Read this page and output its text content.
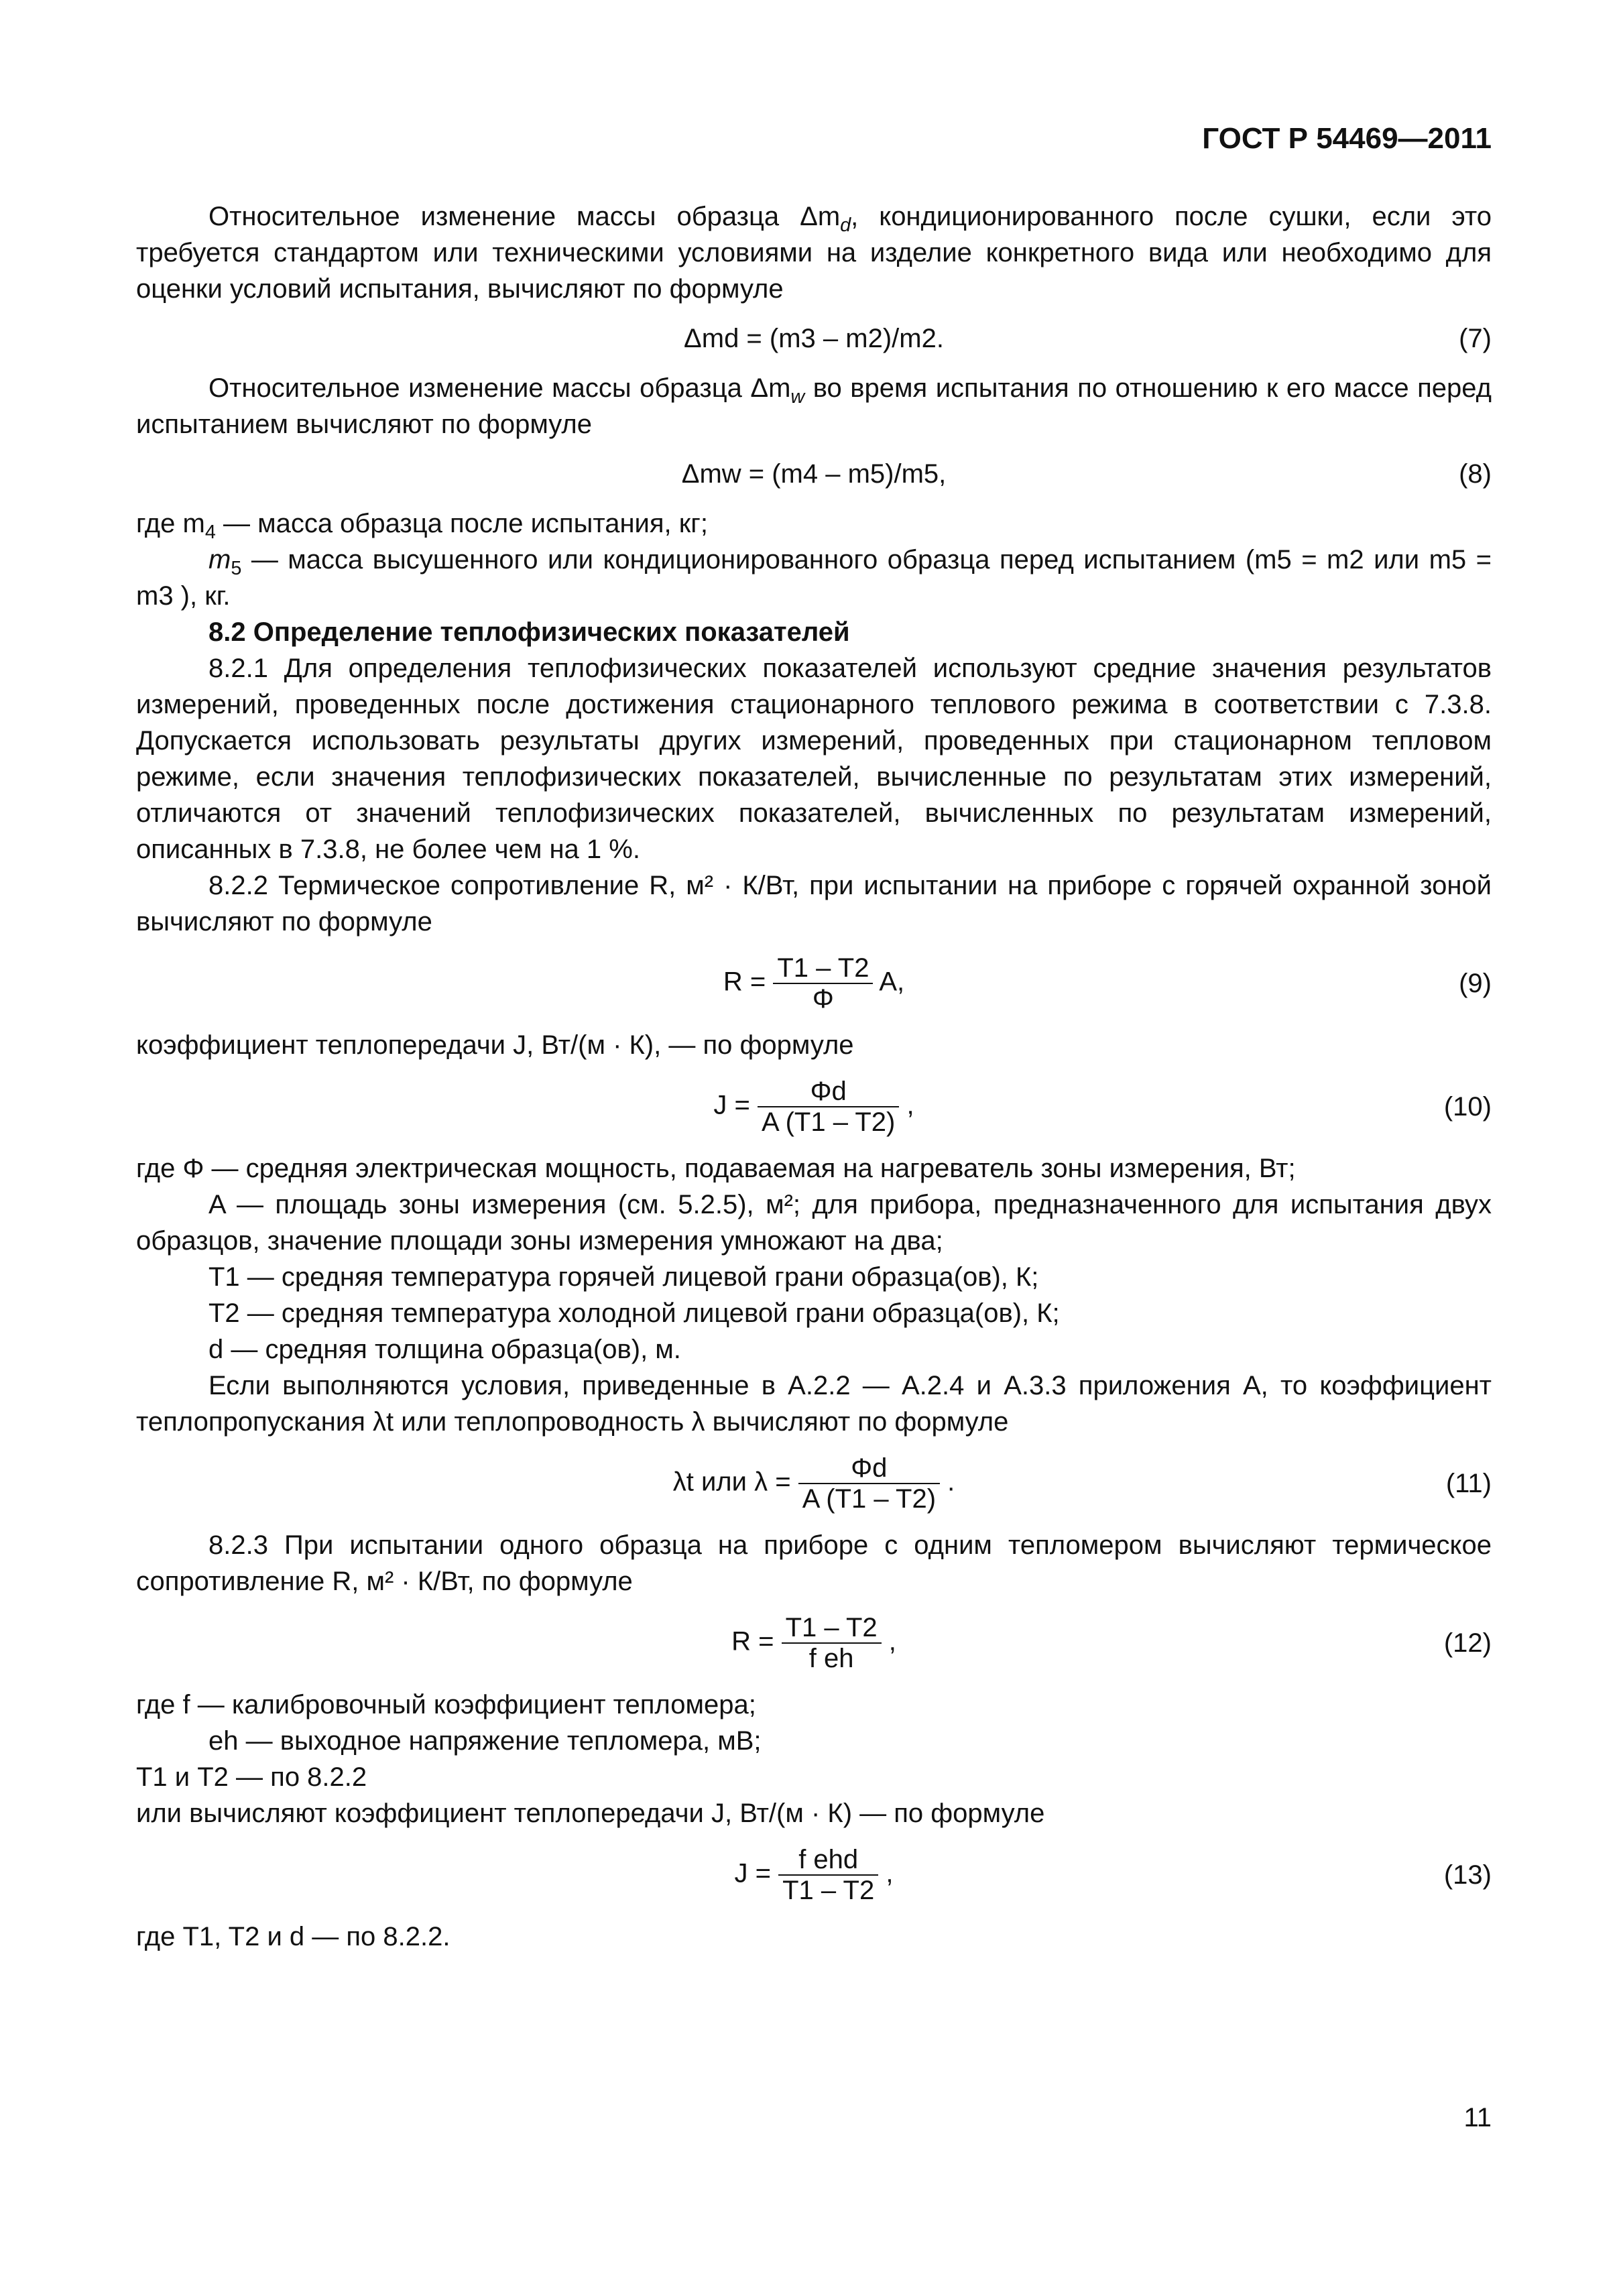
ГОСТ Р 54469—2011

Относительное изменение массы образца $\Delta m_d$, кондиционированного после сушки, если это требуется стандартом или техническими условиями на изделие конкретного вида или необходимо для оценки условий испытания, вычисляют по формуле

Δmd = (m3 – m2)/m2.	(7)

Относительное изменение массы образца $\Delta m_w$ во время испытания по отношению к его массе перед испытанием вычисляют по формуле

Δmw = (m4 – m5)/m5,	(8)

где $m_4$ — масса образца после испытания, кг;

$m_5$ — масса высушенного или кондиционированного образца перед испытанием (m5 = m2 или m5 = m3 ), кг.

8.2 Определение теплофизических показателей

8.2.1 Для определения теплофизических показателей используют средние значения результатов измерений, проведенных после достижения стационарного теплового режима в соответствии с 7.3.8. Допускается использовать результаты других измерений, проведенных при стационарном тепловом режиме, если значения теплофизических показателей, вычисленные по результатам этих измерений, отличаются от значений теплофизических показателей, вычисленных по результатам измерений, описанных в 7.3.8, не более чем на 1 %.

8.2.2 Термическое сопротивление R, м² · К/Вт, при испытании на приборе с горячей охранной зоной вычисляют по формуле

$R = \frac{T1 - T2}{\Phi} A$,	(9)

коэффициент теплопередачи J, Вт/(м · К), — по формуле

$J = \frac{\Phi d}{A (T1 - T2)}$ ,	(10)

где Φ — средняя электрическая мощность, подаваемая на нагреватель зоны измерения, Вт;

A — площадь зоны измерения (см. 5.2.5), м²; для прибора, предназначенного для испытания двух образцов, значение площади зоны измерения умножают на два;

T1 — средняя температура горячей лицевой грани образца(ов), К;

T2 — средняя температура холодной лицевой грани образца(ов), К;

d — средняя толщина образца(ов), м.

Если выполняются условия, приведенные в А.2.2 — А.2.4 и А.3.3 приложения А, то коэффициент теплопропускания λt или теплопроводность λ вычисляют по формуле

λt или $\lambda = \frac{\Phi d}{A (T1 - T2)}$ .	(11)

8.2.3 При испытании одного образца на приборе с одним тепломером вычисляют термическое сопротивление R, м² · К/Вт, по формуле

$R = \frac{T1 - T2}{\text{f eh}}$ ,	(12)

где f — калибровочный коэффициент тепломера;

eh — выходное напряжение тепломера, мВ;

T1 и T2 — по 8.2.2

или вычисляют коэффициент теплопередачи J, Вт/(м · К) — по формуле

$J = \frac{\text{f ehd}}{T1 - T2}$ ,	(13)

где T1, T2 и d — по 8.2.2.

11
